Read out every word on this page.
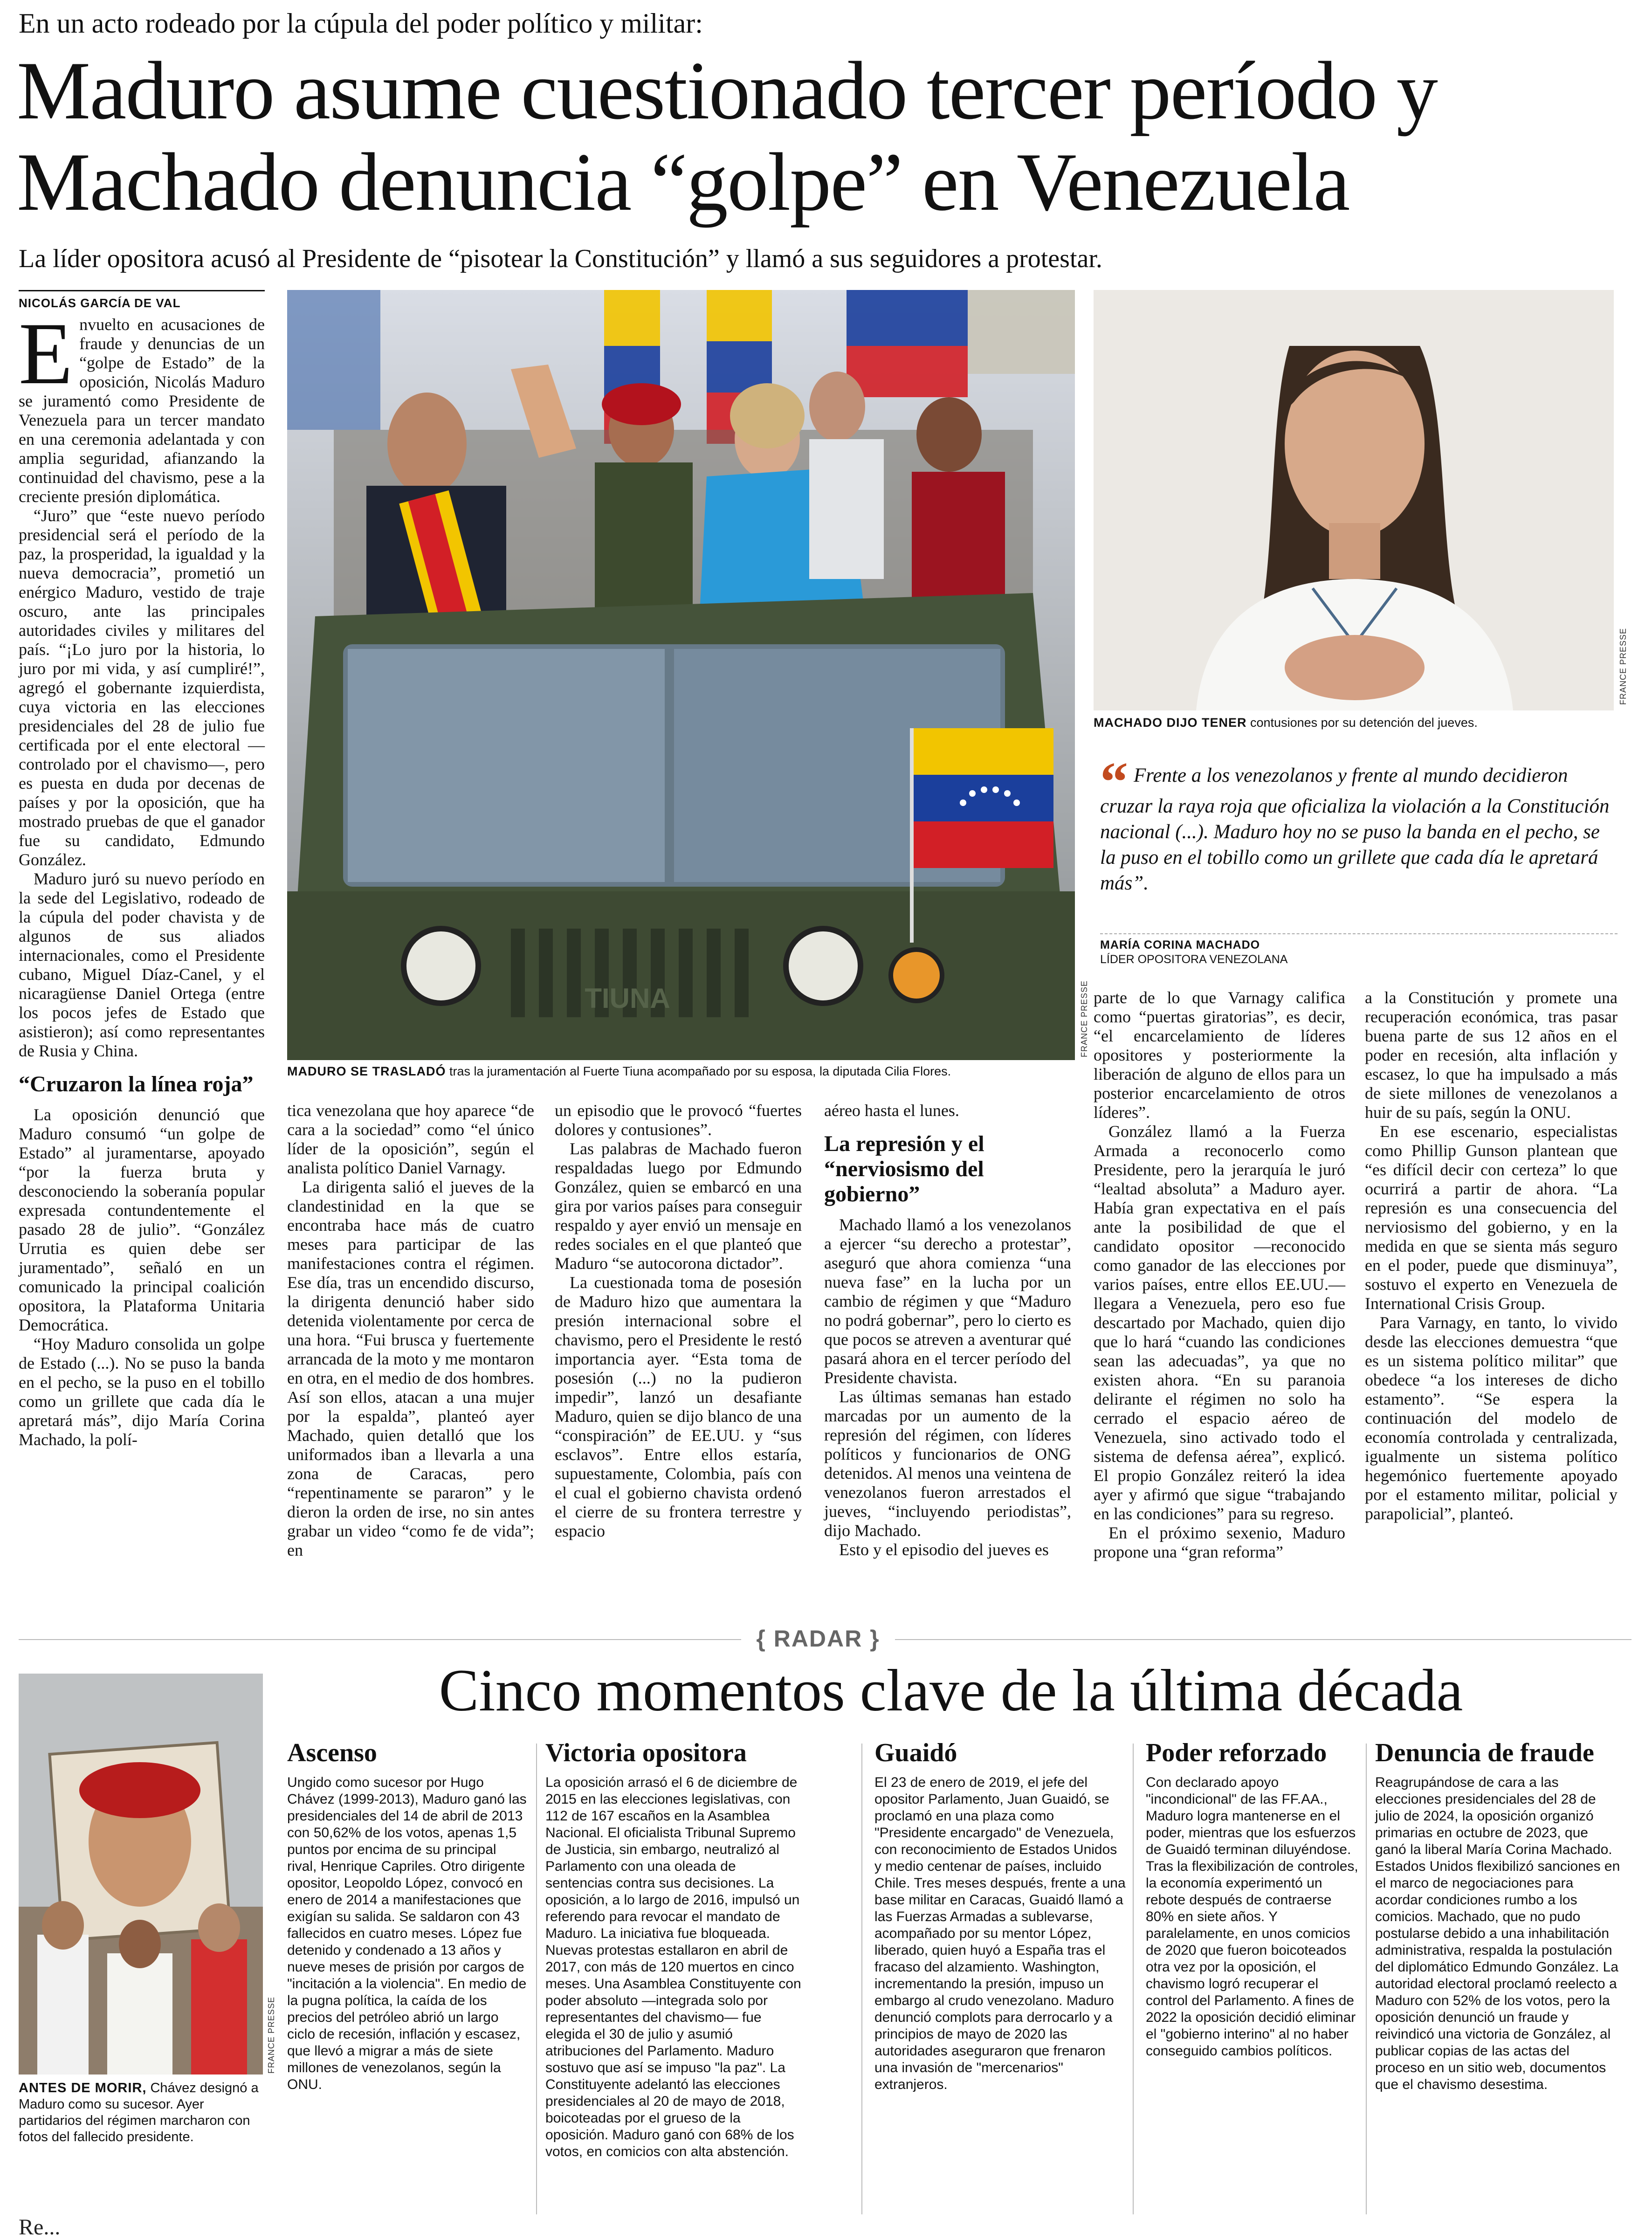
En un acto rodeado por la cúpula del poder político y militar:
Maduro asume cuestionado tercer período y
Machado denuncia “golpe” en Venezuela
La líder opositora acusó al Presidente de “pisotear la Constitución” y llamó a sus seguidores a protestar.
NICOLÁS GARCÍA DE VAL
TIUNA	FRANCE PRESSE
MADURO SE TRASLADÓ tras la juramentación al Fuerte Tiuna acompañado por su esposa, la diputada Cilia Flores.
FRANCE PRESSE
MACHADO DIJO TENER contusiones por su detención del jueves.
“ Frente a los venezolanos y frente al mundo decidieron cruzar la raya roja que oficializa la violación a la Constitución nacional (...). Maduro hoy no se puso la banda en el pecho, se la puso en el tobillo como un grillete que cada día le apretará más”.
MARÍA CORINA MACHADO
LÍDER OPOSITORA VENEZOLANA

Envuelto en acusaciones de fraude y denuncias de un “golpe de Estado” de la oposición, Nicolás Maduro se juramentó como Presidente de Venezuela para un tercer mandato en una ceremonia adelantada y con amplia seguridad, afianzando la continuidad del chavismo, pese a la creciente presión diplomática.

“Juro” que “este nuevo período presidencial será el período de la paz, la prosperidad, la igualdad y la nueva democracia”, prometió un enérgico Maduro, vestido de traje oscuro, ante las principales autoridades civiles y militares del país. “¡Lo juro por la historia, lo juro por mi vida, y así cumpliré!”, agregó el gobernante izquierdista, cuya victoria en las elecciones presidenciales del 28 de julio fue certificada por el ente electoral —controlado por el chavismo—, pero es puesta en duda por decenas de países y por la oposición, que ha mostrado pruebas de que el ganador fue su candidato, Edmundo González.

Maduro juró su nuevo período en la sede del Legislativo, rodeado de la cúpula del poder chavista y de algunos de sus aliados internacionales, como el Presidente cubano, Miguel Díaz-Canel, y el nicaragüense Daniel Ortega (entre los pocos jefes de Estado que asistieron); así como representantes de Rusia y China.

“Cruzaron la línea roja”

La oposición denunció que Maduro consumó “un golpe de Estado” al juramentarse, apoyado “por la fuerza bruta y desconociendo la soberanía popular expresada contundentemente el pasado 28 de julio”. “González Urrutia es quien debe ser juramentado”, señaló en un comunicado la principal coalición opositora, la Plataforma Unitaria Democrática.

“Hoy Maduro consolida un golpe de Estado (...). No se puso la banda en el pecho, se la puso en el tobillo como un grillete que cada día le apretará más”, dijo María Corina Machado, la polí-

tica venezolana que hoy aparece “de cara a la sociedad” como “el único líder de la oposición”, según el analista político Daniel Varnagy.

La dirigenta salió el jueves de la clandestinidad en la que se encontraba hace más de cuatro meses para participar de las manifestaciones contra el régimen. Ese día, tras un encendido discurso, la dirigenta denunció haber sido detenida violentamente por cerca de una hora. “Fui bruscа y fuertemente arrancada de la moto y me montaron en otra, en el medio de dos hombres. Así son ellos, atacan a una mujer por la espalda”, planteó ayer Machado, quien detalló que los uniformados iban a llevarla a una zona de Caracas, pero “repentinamente se pararon” y le dieron la orden de irse, no sin antes grabar un video “como fe de vida”; en

un episodio que le provocó “fuertes dolores y contusiones”.

Las palabras de Machado fueron respaldadas luego por Edmundo González, quien se embarcó en una gira por varios países para conseguir respaldo y ayer envió un mensaje en redes sociales en el que planteó que Maduro “se autocorona dictador”.

La cuestionada toma de posesión de Maduro hizo que aumentara la presión internacional sobre el chavismo, pero el Presidente le restó importancia ayer. “Esta toma de posesión (...) no la pudieron impedir”, lanzó un desafiante Maduro, quien se dijo blanco de una “conspiración” de EE.UU. y “sus esclavos”. Entre ellos estaría, supuestamente, Colombia, país con el cual el gobierno chavista ordenó el cierre de su frontera terrestre y espacio

aéreo hasta el lunes.

La represión y el “nerviosismo del gobierno”

Machado llamó a los venezolanos a ejercer “su derecho a protestar”, aseguró que ahora comienza “una nueva fase” en la lucha por un cambio de régimen y que “Maduro no podrá gobernar”, pero lo cierto es que pocos se atreven a aventurar qué pasará ahora en el tercer período del Presidente chavista.

Las últimas semanas han estado marcadas por un aumento de la represión del régimen, con líderes políticos y funcionarios de ONG detenidos. Al menos una veintena de venezolanos fueron arrestados el jueves, “incluyendo periodistas”, dijo Machado.

Esto y el episodio del jueves es

parte de lo que Varnagy califica como “puertas giratorias”, es decir, “el encarcelamiento de líderes opositores y posteriormente la liberación de alguno de ellos para un posterior encarcelamiento de otros líderes”.

González llamó a la Fuerza Armada a reconocerlo como Presidente, pero la jerarquía le juró “lealtad absoluta” a Maduro ayer. Había gran expectativa en el país ante la posibilidad de que el candidato opositor —reconocido como ganador de las elecciones por varios países, entre ellos EE.UU.— llegara a Venezuela, pero eso fue descartado por Machado, quien dijo que lo hará “cuando las condiciones sean las adecuadas”, ya que no existen ahora. “En su paranoia delirante el régimen no solo ha cerrado el espacio aéreo de Venezuela, sino activado todo el sistema de defensa aérea”, explicó. El propio González reiteró la idea ayer y afirmó que sigue “trabajando en las condiciones” para su regreso.

En el próximo sexenio, Maduro propone una “gran reforma”

a la Constitución y promete una recuperación económica, tras pasar buena parte de sus 12 años en el poder en recesión, alta inflación y escasez, lo que ha impulsado a más de siete millones de venezolanos a huir de su país, según la ONU.

En ese escenario, especialistas como Phillip Gunson plantean que “es difícil decir con certeza” lo que ocurrirá a partir de ahora. “La represión es una consecuencia del nerviosismo del gobierno, y en la medida en que se sienta más seguro en el poder, puede que disminuya”, sostuvo el experto en Venezuela de International Crisis Group.

Para Varnagy, en tanto, lo vivido desde las elecciones demuestra “que es un sistema político militar” que obedece “a los intereses de dicho estamento”. “Se espera la continuación del modelo de economía controlada y centralizada, igualmente un sistema político hegemónico fuertemente apoyado por el estamento militar, policial y parapolicial”, planteó.

{ RADAR }
Cinco momentos clave de la última década
FRANCE PRESSE
ANTES DE MORIR, Chávez designó a Maduro como su sucesor. Ayer partidarios del régimen marcharon con fotos del fallecido presidente.
Ascenso

Ungido como sucesor por Hugo Chávez (1999-2013), Maduro ganó las presidenciales del 14 de abril de 2013 con 50,62% de los votos, apenas 1,5 puntos por encima de su principal rival, Henrique Capriles. Otro dirigente opositor, Leopoldo López, convocó en enero de 2014 a manifestaciones que exigían su salida. Se saldaron con 43 fallecidos en cuatro meses. López fue detenido y condenado a 13 años y nueve meses de prisión por cargos de "incitación a la violencia". En medio de la pugna política, la caída de los precios del petróleo abrió un largo ciclo de recesión, inflación y escasez, que llevó a migrar a más de siete millones de venezolanos, según la ONU.

Victoria opositora

La oposición arrasó el 6 de diciembre de 2015 en las elecciones legislativas, con 112 de 167 escaños en la Asamblea Nacional. El oficialista Tribunal Supremo de Justicia, sin embargo, neutralizó al Parlamento con una oleada de sentencias contra sus decisiones. La oposición, a lo largo de 2016, impulsó un referendo para revocar el mandato de Maduro. La iniciativa fue bloqueada. Nuevas protestas estallaron en abril de 2017, con más de 120 muertos en cinco meses. Una Asamblea Constituyente con poder absoluto —integrada solo por representantes del chavismo— fue elegida el 30 de julio y asumió atribuciones del Parlamento. Maduro sostuvo que así se impuso "la paz". La Constituyente adelantó las elecciones presidenciales al 20 de mayo de 2018, boicoteadas por el grueso de la oposición. Maduro ganó con 68% de los votos, en comicios con alta abstención.

Guaidó

El 23 de enero de 2019, el jefe del opositor Parlamento, Juan Guaidó, se proclamó en una plaza como "Presidente encargado" de Venezuela, con reconocimiento de Estados Unidos y medio centenar de países, incluido Chile. Tres meses después, frente a una base militar en Caracas, Guaidó llamó a las Fuerzas Armadas a sublevarse, acompañado por su mentor López, liberado, quien huyó a España tras el fracaso del alzamiento. Washington, incrementando la presión, impuso un embargo al crudo venezolano. Maduro denunció complots para derrocarlo y a principios de mayo de 2020 las autoridades aseguraron que frenaron una invasión de "mercenarios" extranjeros.

Poder reforzado

Con declarado apoyo "incondicional" de las FF.AA., Maduro logra mantenerse en el poder, mientras que los esfuerzos de Guaidó terminan diluyéndose. Tras la flexibilización de controles, la economía experimentó un rebote después de contraerse 80% en siete años. Y paralelamente, en unos comicios de 2020 que fueron boicoteados otra vez por la oposición, el chavismo logró recuperar el control del Parlamento. A fines de 2022 la oposición decidió eliminar el "gobierno interino" al no haber conseguido cambios políticos.

Denuncia de fraude

Reagrupándose de cara a las elecciones presidenciales del 28 de julio de 2024, la oposición organizó primarias en octubre de 2023, que ganó la liberal María Corina Machado. Estados Unidos flexibilizó sanciones en el marco de negociaciones para acordar condiciones rumbo a los comicios. Machado, que no pudo postularse debido a una inhabilitación administrativa, respalda la postulación del diplomático Edmundo González. La autoridad electoral proclamó reelecto a Maduro con 52% de los votos, pero la oposición denunció un fraude y reivindicó una victoria de González, al publicar copias de las actas del proceso en un sitio web, documentos que el chavismo desestima.

Re...
